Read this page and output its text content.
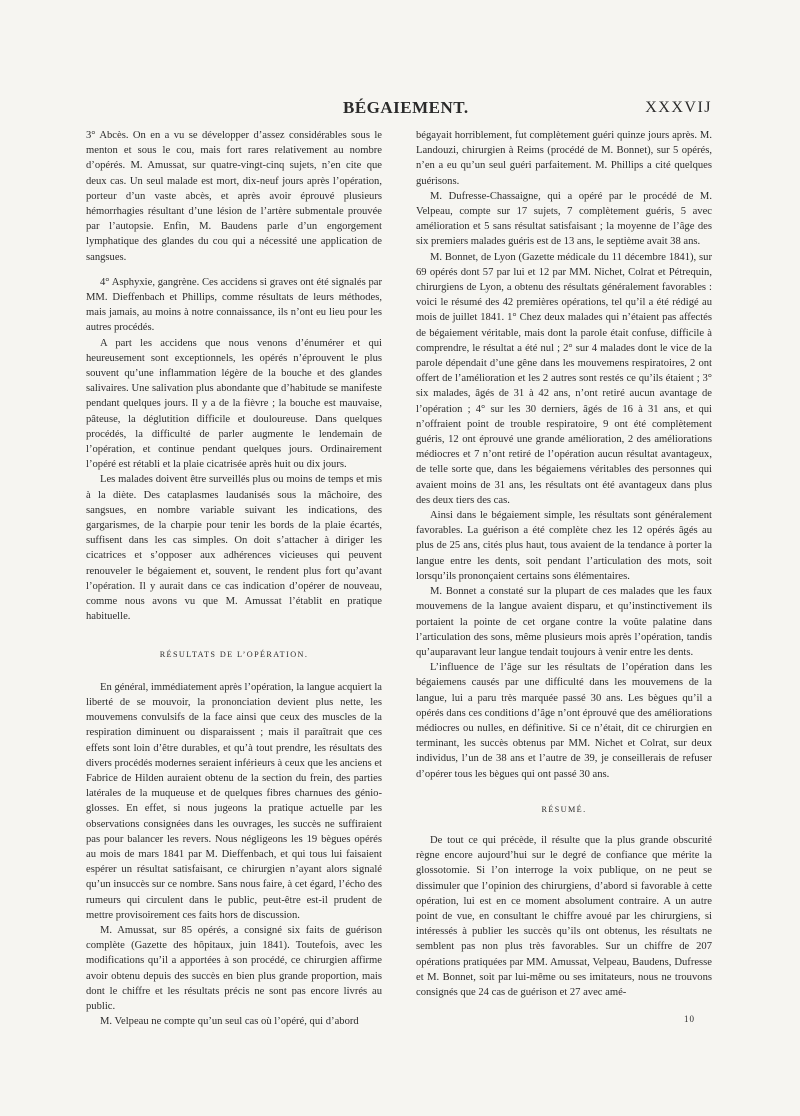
BÉGAIEMENT.	XXXVIJ

3° Abcès. On en a vu se développer d’assez considérables sous le menton et sous le cou, mais fort rares relativement au nombre d’opérés. M. Amussat, sur quatre-vingt-cinq sujets, n’en cite que deux cas. Un seul malade est mort, dix-neuf jours après l’opération, porteur d’un vaste abcès, et après avoir éprouvé plusieurs hémorrhagies résultant d’une lésion de l’artère submentale prouvée par l’autopsie. Enfin, M. Baudens parle d’un engorgement lymphatique des glandes du cou qui a nécessité une application de sangsues.

4° Asphyxie, gangrène. Ces accidens si graves ont été signalés par MM. Dieffenbach et Phillips, comme résultats de leurs méthodes, mais jamais, au moins à notre connaissance, ils n’ont eu lieu pour les autres procédés.

A part les accidens que nous venons d’énumérer et qui heureusement sont exceptionnels, les opérés n’éprouvent le plus souvent qu’une inflammation légère de la bouche et des glandes salivaires. Une salivation plus abondante que d’habitude se manifeste pendant quelques jours. Il y a de la fièvre ; la bouche est mauvaise, pâteuse, la déglutition difficile et douloureuse. Dans quelques procédés, la difficulté de parler augmente le lendemain de l’opération, et continue pendant quelques jours. Ordinairement l’opéré est rétabli et la plaie cicatrisée après huit ou dix jours.

Les malades doivent être surveillés plus ou moins de temps et mis à la diète. Des cataplasmes laudanisés sous la mâchoire, des sangsues, en nombre variable suivant les indications, des gargarismes, de la charpie pour tenir les bords de la plaie écartés, suffisent dans les cas simples. On doit s’attacher à diriger les cicatrices et s’opposer aux adhérences vicieuses qui peuvent renouveler le bégaiement et, souvent, le rendent plus fort qu’avant l’opération. Il y aurait dans ce cas indication d’opérer de nouveau, comme nous avons vu que M. Amussat l’établit en pratique habituelle.

RÉSULTATS DE L’OPÉRATION.

En général, immédiatement après l’opération, la langue acquiert la liberté de se mouvoir, la prononciation devient plus nette, les mouvemens convulsifs de la face ainsi que ceux des muscles de la respiration diminuent ou disparaissent ; mais il paraîtrait que ces effets sont loin d’être durables, et qu’à tout prendre, les résultats des divers procédés modernes seraient inférieurs à ceux que les anciens et Fabrice de Hilden auraient obtenu de la section du frein, des parties latérales de la muqueuse et de quelques fibres charnues des génio-glosses. En effet, si nous jugeons la pratique actuelle par les observations consignées dans les ouvrages, les succès ne suffiraient pas pour balancer les revers. Nous négligeons les 19 bègues opérés au mois de mars 1841 par M. Dieffenbach, et qui tous lui faisaient espérer un résultat satisfaisant, ce chirurgien n’ayant alors signalé qu’un insuccès sur ce nombre. Sans nous faire, à cet égard, l’écho des rumeurs qui circulent dans le public, peut-être est-il prudent de mettre provisoirement ces faits hors de discussion.

M. Amussat, sur 85 opérés, a consigné six faits de guérison complète (Gazette des hôpitaux, juin 1841). Toutefois, avec les modifications qu’il a apportées à son procédé, ce chirurgien affirme avoir obtenu depuis des succès en bien plus grande proportion, mais dont le chiffre et les résultats précis ne sont pas encore livrés au public.

M. Velpeau ne compte qu’un seul cas où l’opéré, qui d’abord

bégayait horriblement, fut complètement guéri quinze jours après. M. Landouzi, chirurgien à Reims (procédé de M. Bonnet), sur 5 opérés, n’en a eu qu’un seul guéri parfaitement. M. Phillips a cité quelques guérisons.

M. Dufresse-Chassaigne, qui a opéré par le procédé de M. Velpeau, compte sur 17 sujets, 7 complètement guéris, 5 avec amélioration et 5 sans résultat satisfaisant ; la moyenne de l’âge des six premiers malades guéris est de 13 ans, le septième avait 38 ans.

M. Bonnet, de Lyon (Gazette médicale du 11 décembre 1841), sur 69 opérés dont 57 par lui et 12 par MM. Nichet, Colrat et Pétrequin, chirurgiens de Lyon, a obtenu des résultats généralement favorables : voici le résumé des 42 premières opérations, tel qu’il a été rédigé au mois de juillet 1841. 1° Chez deux malades qui n’étaient pas affectés de bégaiement véritable, mais dont la parole était confuse, difficile à comprendre, le résultat a été nul ; 2° sur 4 malades dont le vice de la parole dépendait d’une gêne dans les mouvemens respiratoires, 2 ont offert de l’amélioration et les 2 autres sont restés ce qu’ils étaient ; 3° six malades, âgés de 31 à 42 ans, n’ont retiré aucun avantage de l’opération ; 4° sur les 30 derniers, âgés de 16 à 31 ans, et qui n’offraient point de trouble respiratoire, 9 ont été complètement guéris, 12 ont éprouvé une grande amélioration, 2 des améliorations médiocres et 7 n’ont retiré de l’opération aucun résultat avantageux, de telle sorte que, dans les bégaiemens véritables des personnes qui avaient moins de 31 ans, les résultats ont été avantageux dans plus des deux tiers des cas.

Ainsi dans le bégaiement simple, les résultats sont généralement favorables. La guérison a été complète chez les 12 opérés âgés au plus de 25 ans, cités plus haut, tous avaient de la tendance à porter la langue entre les dents, soit pendant l’articulation des mots, soit lorsqu’ils prononçaient certains sons élémentaires.

M. Bonnet a constaté sur la plupart de ces malades que les faux mouvemens de la langue avaient disparu, et qu’instinctivement ils portaient la pointe de cet organe contre la voûte palatine dans l’articulation des sons, même plusieurs mois après l’opération, tandis qu’auparavant leur langue tendait toujours à venir entre les dents.

L’influence de l’âge sur les résultats de l’opération dans les bégaiemens causés par une difficulté dans les mouvemens de la langue, lui a paru très marquée passé 30 ans. Les bègues qu’il a opérés dans ces conditions d’âge n’ont éprouvé que des améliorations médiocres ou nulles, en définitive. Si ce n’était, dit ce chirurgien en terminant, les succès obtenus par MM. Nichet et Colrat, sur deux individus, l’un de 38 ans et l’autre de 39, je conseillerais de refuser d’opérer tous les bègues qui ont passé 30 ans.

RÉSUMÉ.

De tout ce qui précède, il résulte que la plus grande obscurité règne encore aujourd’hui sur le degré de confiance que mérite la glossotomie. Si l’on interroge la voix publique, on ne peut se dissimuler que l’opinion des chirurgiens, d’abord si favorable à cette opération, lui est en ce moment absolument contraire. A un autre point de vue, en consultant le chiffre avoué par les chirurgiens, si intéressés à publier les succès qu’ils ont obtenus, les résultats ne semblent pas non plus très favorables. Sur un chiffre de 207 opérations pratiquées par MM. Amussat, Velpeau, Baudens, Dufresse et M. Bonnet, soit par lui-même ou ses imitateurs, nous ne trouvons consignés que 24 cas de guérison et 27 avec amé-

10
